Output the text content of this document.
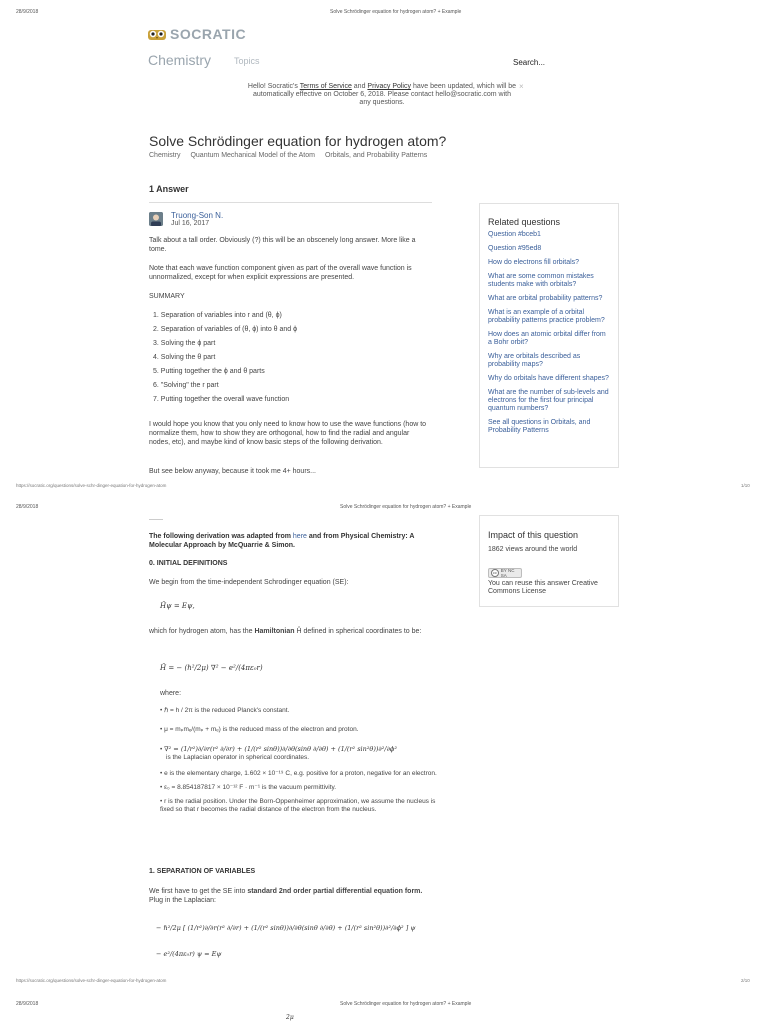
28/9/2018	Solve Schrödinger equation for hydrogen atom? + Example
SOCRATIC
Chemistry	Topics	Search...
Hello! Socratic's Terms of Service and Privacy Policy have been updated, which will be automatically effective on October 6, 2018. Please contact hello@socratic.com with any questions.
×
Solve Schrödinger equation for hydrogen atom?
Chemistry Quantum Mechanical Model of the Atom Orbitals, and Probability Patterns
1 Answer
Truong-Son N.
Jul 16, 2017
Talk about a tall order. Obviously (?) this will be an obscenely long answer. More like a tome.
Note that each wave function component given as part of the overall wave function is unnormalized, except for when explicit expressions are presented.
SUMMARY
1. Separation of variables into r and (θ, ϕ)
2. Separation of variables of (θ, ϕ) into θ and ϕ
3. Solving the ϕ part
4. Solving the θ part
5. Putting together the ϕ and θ parts
6. "Solving" the r part
7. Putting together the overall wave function
I would hope you know that you only need to know how to use the wave functions (how to normalize them, how to show they are orthogonal, how to find the radial and angular nodes, etc), and maybe kind of know basic steps of the following derivation.
But see below anyway, because it took me 4+ hours...
Related questions
Question #bceb1
Question #95ed8
How do electrons fill orbitals?
What are some common mistakes students make with orbitals?
What are orbital probability patterns?
What is an example of a orbital probability patterns practice problem?
How does an atomic orbital differ from a Bohr orbit?
Why are orbitals described as probability maps?
Why do orbitals have different shapes?
What are the number of sub-levels and electrons for the first four principal quantum numbers?
See all questions in Orbitals, and Probability Patterns
https://socratic.org/questions/solve-schr-dinger-equation-for-hydrogen-atom	1/10
28/9/2018	Solve Schrödinger equation for hydrogen atom? + Example
——
The following derivation was adapted from here and from Physical Chemistry: A Molecular Approach by McQuarrie & Simon.
0. INITIAL DEFINITIONS
We begin from the time-independent Schrodinger equation (SE):
Ĥψ = Eψ,
which for hydrogen atom, has the Hamiltonian Ĥ defined in spherical coordinates to be:
Ĥ = − (ℏ²/2μ) ∇² − e²/(4πε₀r)
where:
• ℏ = h / 2π is the reduced Planck's constant.
• μ = mₚmₑ/(mₚ + mₑ) is the reduced mass of the electron and proton.
• ∇² = (1/r²)∂/∂r(r² ∂/∂r) + (1/(r² sinθ))∂/∂θ(sinθ ∂/∂θ) + (1/(r² sin²θ))∂²/∂ϕ²
is the Laplacian operator in spherical coordinates.
• e is the elementary charge, 1.602 × 10⁻¹⁹ C, e.g. positive for a proton, negative for an electron.
• ε₀ = 8.854187817 × 10⁻¹² F · m⁻¹ is the vacuum permittivity.
• r is the radial position. Under the Born-Oppenheimer approximation, we assume the nucleus is fixed so that r becomes the radial distance of the electron from the nucleus.
1. SEPARATION OF VARIABLES
We first have to get the SE into standard 2nd order partial differential equation form. Plug in the Laplacian:
− ℏ²/2μ [ (1/r²)∂/∂r(r² ∂/∂r) + (1/(r² sinθ))∂/∂θ(sinθ ∂/∂θ) + (1/(r² sin²θ))∂²/∂ϕ² ] ψ
− e²/(4πε₀r) ψ = Eψ
Impact of this question
1862 views around the world
cc BY NC SA
You can reuse this answer Creative Commons License
https://socratic.org/questions/solve-schr-dinger-equation-for-hydrogen-atom	2/10
28/9/2018	Solve Schrödinger equation for hydrogen atom? + Example
2μ
